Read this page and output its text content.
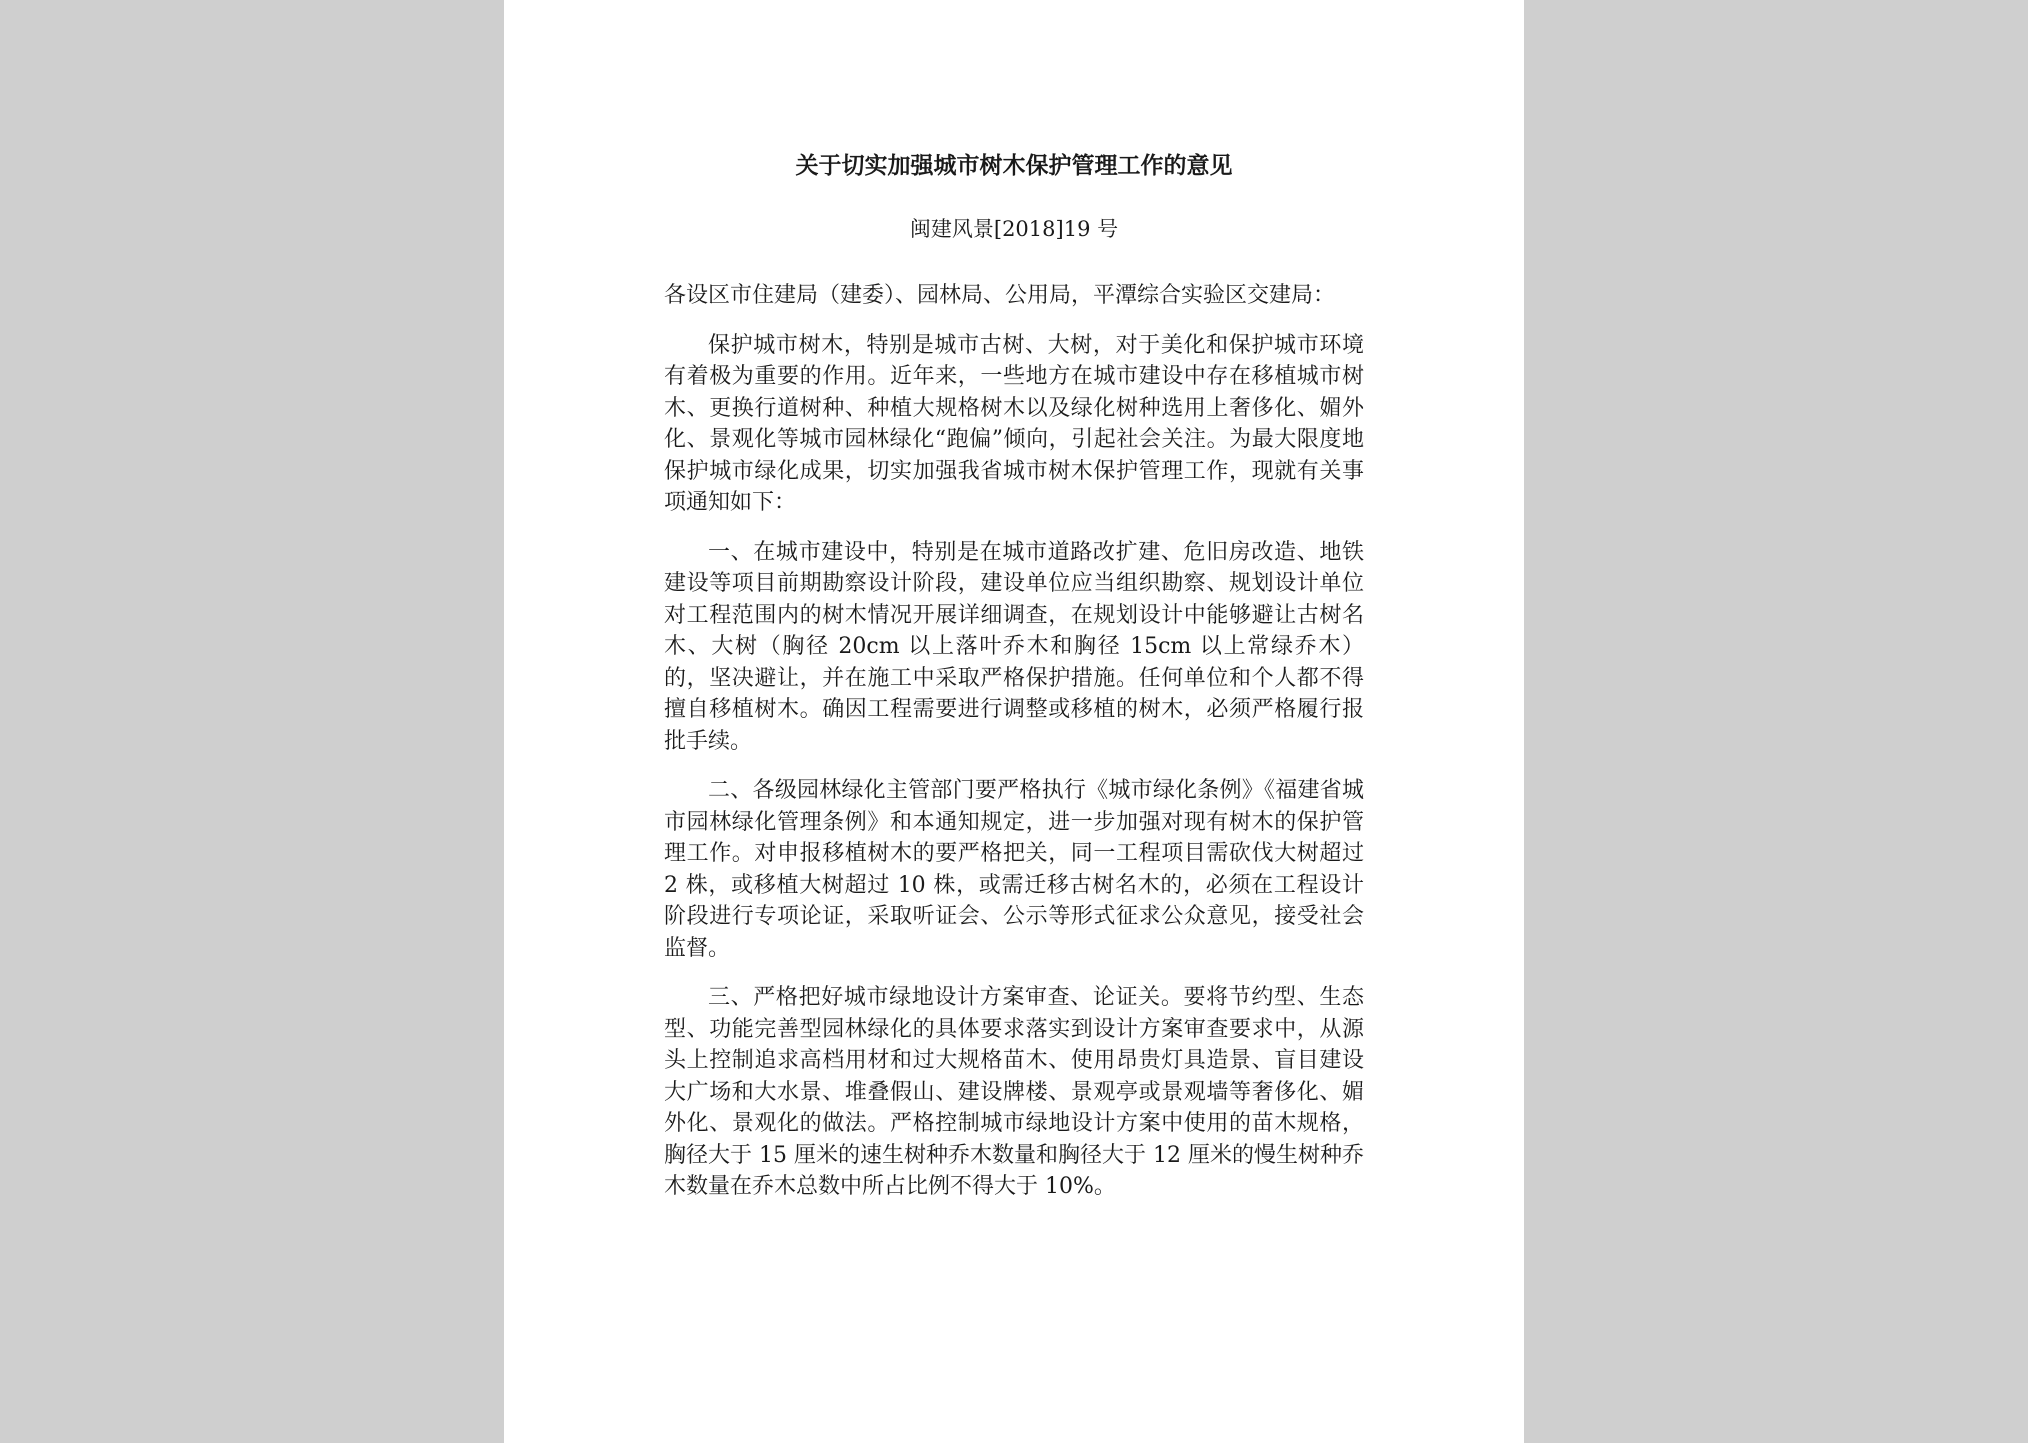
关于切实加强城市树木保护管理工作的意见
闽建风景[2018]19 号

各设区市住建局（建委）、园林局、公用局，平潭综合实验区交建局：

保护城市树木，特别是城市古树、大树，对于美化和保护城市环境有着极为重要的作用。近年来，一些地方在城市建设中存在移植城市树木、更换行道树种、种植大规格树木以及绿化树种选用上奢侈化、媚外化、景观化等城市园林绿化“跑偏”倾向，引起社会关注。为最大限度地保护城市绿化成果，切实加强我省城市树木保护管理工作，现就有关事项通知如下：

一、在城市建设中，特别是在城市道路改扩建、危旧房改造、地铁建设等项目前期勘察设计阶段，建设单位应当组织勘察、规划设计单位对工程范围内的树木情况开展详细调查，在规划设计中能够避让古树名木、大树（胸径 20cm 以上落叶乔木和胸径 15cm 以上常绿乔木）的，坚决避让，并在施工中采取严格保护措施。任何单位和个人都不得擅自移植树木。确因工程需要进行调整或移植的树木，必须严格履行报批手续。

二、各级园林绿化主管部门要严格执行《城市绿化条例》《福建省城市园林绿化管理条例》和本通知规定，进一步加强对现有树木的保护管理工作。对申报移植树木的要严格把关，同一工程项目需砍伐大树超过 2 株，或移植大树超过 10 株，或需迁移古树名木的，必须在工程设计阶段进行专项论证，采取听证会、公示等形式征求公众意见，接受社会监督。

三、严格把好城市绿地设计方案审查、论证关。要将节约型、生态型、功能完善型园林绿化的具体要求落实到设计方案审查要求中，从源头上控制追求高档用材和过大规格苗木、使用昂贵灯具造景、盲目建设大广场和大水景、堆叠假山、建设牌楼、景观亭或景观墙等奢侈化、媚外化、景观化的做法。严格控制城市绿地设计方案中使用的苗木规格，胸径大于 15 厘米的速生树种乔木数量和胸径大于 12 厘米的慢生树种乔木数量在乔木总数中所占比例不得大于 10%。
